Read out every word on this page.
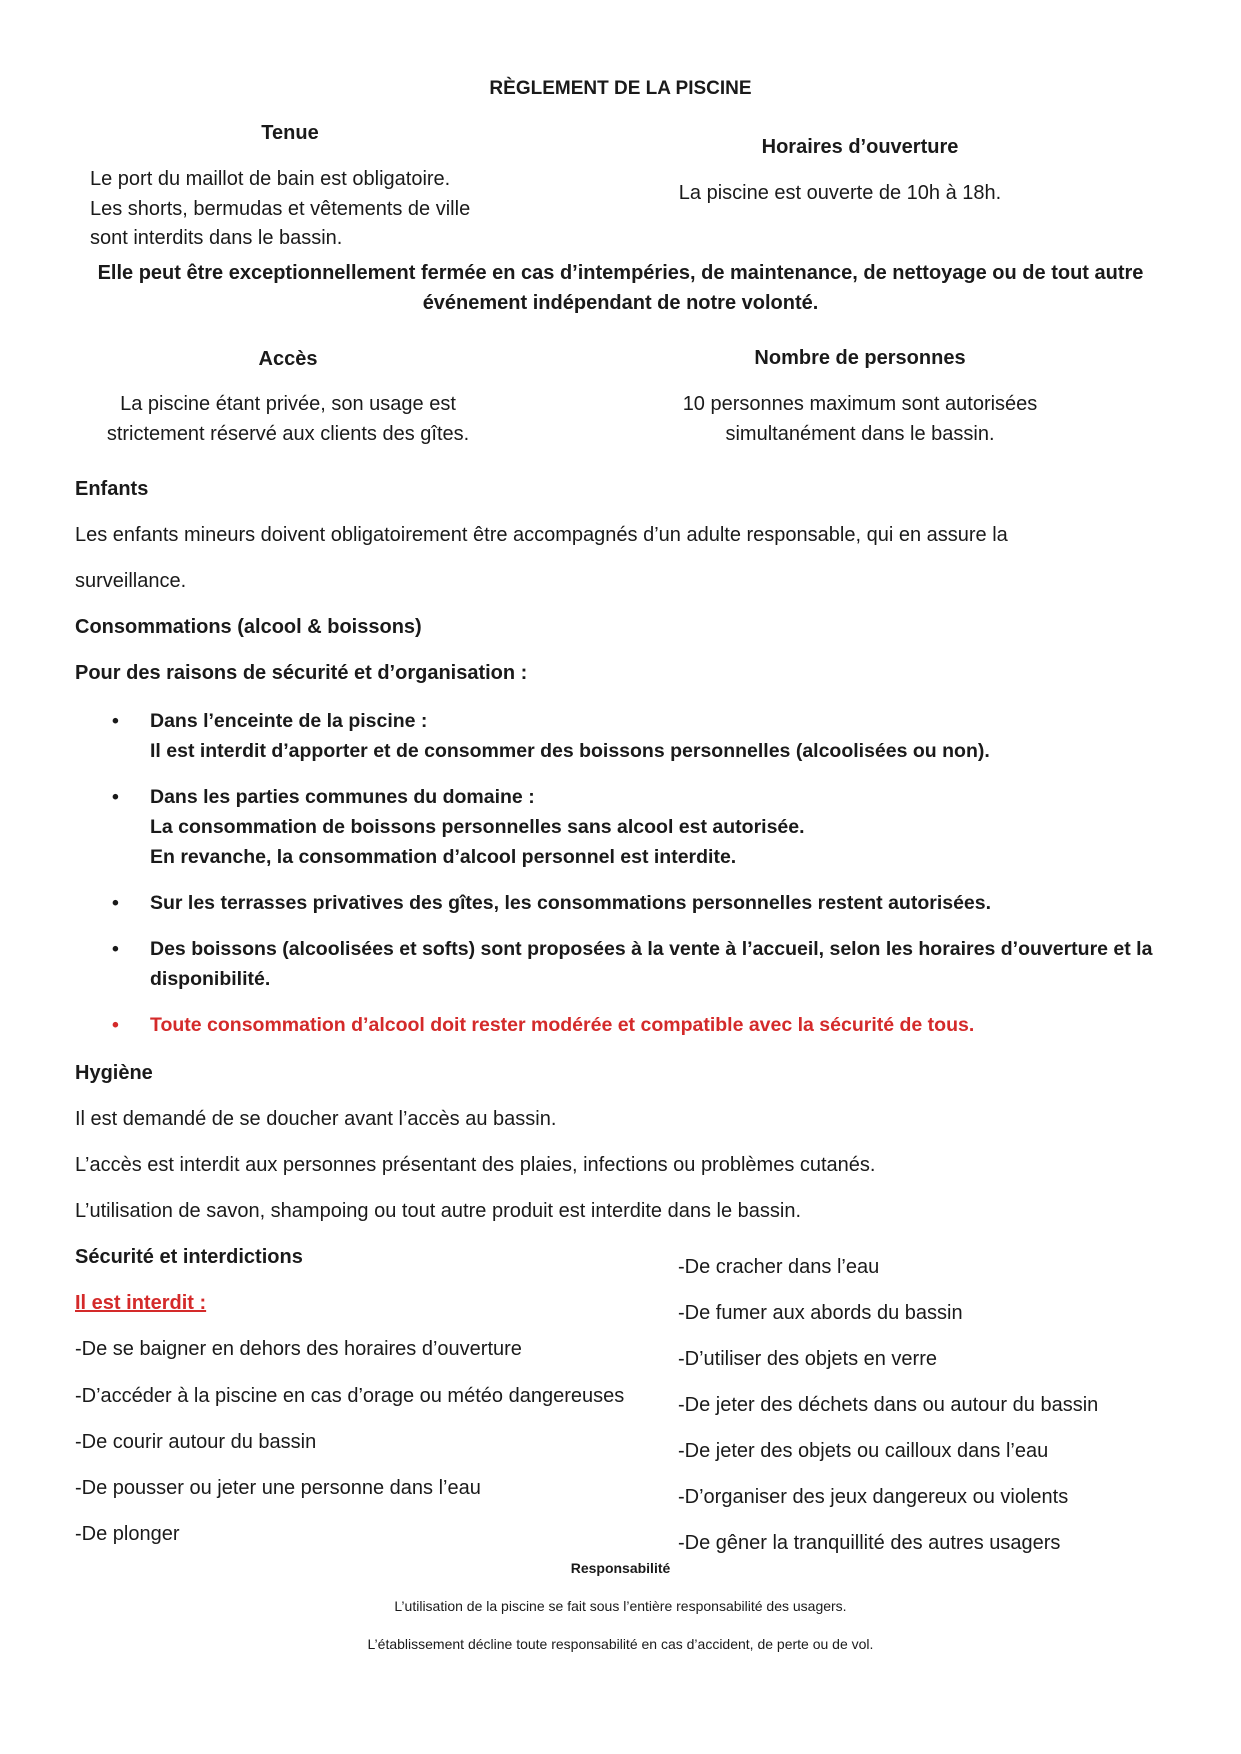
RÈGLEMENT DE LA PISCINE
Tenue
Le port du maillot de bain est obligatoire.
Les shorts, bermudas et vêtements de ville
sont interdits dans le bassin.
Horaires d’ouverture
La piscine est ouverte de 10h à 18h.
Elle peut être exceptionnellement fermée en cas d’intempéries, de maintenance, de nettoyage ou de tout autre
événement indépendant de notre volonté.
Accès
La piscine étant privée, son usage est
strictement réservé aux clients des gîtes.
Nombre de personnes
10 personnes maximum sont autorisées
simultanément dans le bassin.
Enfants
Les enfants mineurs doivent obligatoirement être accompagnés d’un adulte responsable, qui en assure la
surveillance.
Consommations (alcool & boissons)
Pour des raisons de sécurité et d’organisation :
•	Dans l’enceinte de la piscine :
Il est interdit d’apporter et de consommer des boissons personnelles (alcoolisées ou non).
•	Dans les parties communes du domaine :
La consommation de boissons personnelles sans alcool est autorisée.
En revanche, la consommation d’alcool personnel est interdite.
•	Sur les terrasses privatives des gîtes, les consommations personnelles restent autorisées.
•	Des boissons (alcoolisées et softs) sont proposées à la vente à l’accueil, selon les horaires d’ouverture et la
disponibilité.
•	Toute consommation d’alcool doit rester modérée et compatible avec la sécurité de tous.
Hygiène
Il est demandé de se doucher avant l’accès au bassin.
L’accès est interdit aux personnes présentant des plaies, infections ou problèmes cutanés.
L’utilisation de savon, shampoing ou tout autre produit est interdite dans le bassin.
Sécurité et interdictions
Il est interdit :
-De se baigner en dehors des horaires d’ouverture
-D’accéder à la piscine en cas d’orage ou météo dangereuses
-De courir autour du bassin
-De pousser ou jeter une personne dans l’eau
-De plonger
-De cracher dans l’eau
-De fumer aux abords du bassin
-D’utiliser des objets en verre
-De jeter des déchets dans ou autour du bassin
-De jeter des objets ou cailloux dans l’eau
-D’organiser des jeux dangereux ou violents
-De gêner la tranquillité des autres usagers
Responsabilité
L’utilisation de la piscine se fait sous l’entière responsabilité des usagers.
L’établissement décline toute responsabilité en cas d’accident, de perte ou de vol.
